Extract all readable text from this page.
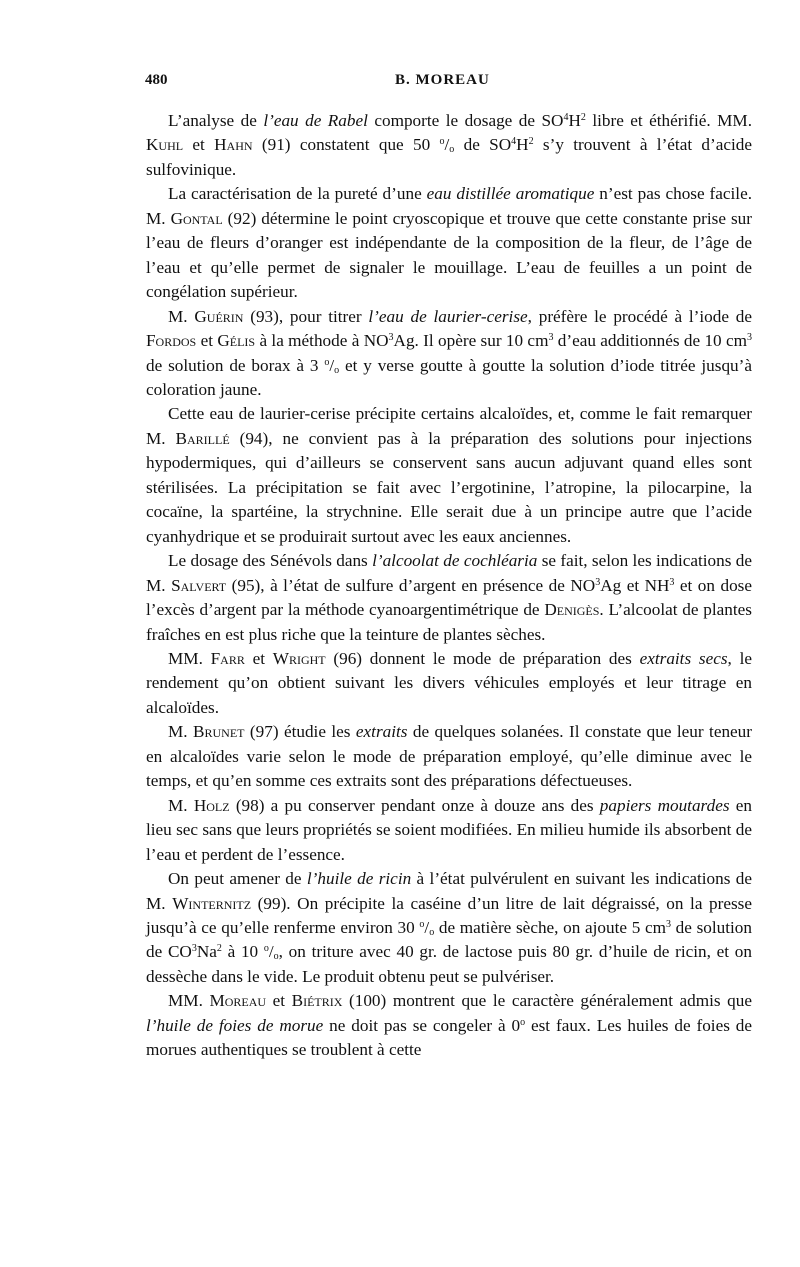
480	B. MOREAU

L’analyse de l’eau de Rabel comporte le dosage de $SO^4H^2$ libre et éthérifié. MM. Kuhl et Hahn (91) constatent que 50 $^o/_o$ de $SO^4H^2$ s’y trouvent à l’état d’acide sulfovinique.

La caractérisation de la pureté d’une eau distillée aromatique n’est pas chose facile. M. Gontal (92) détermine le point cryoscopique et trouve que cette constante prise sur l’eau de fleurs d’oranger est indépendante de la composition de la fleur, de l’âge de l’eau et qu’elle permet de signaler le mouillage. L’eau de feuilles a un point de congélation supérieur.

M. Guérin (93), pour titrer l’eau de laurier-cerise, préfère le procédé à l’iode de Fordos et Gélis à la méthode à $NO^3Ag$. Il opère sur 10 $cm^3$ d’eau additionnés de 10 $cm^3$ de solution de borax à 3 $^o/_o$ et y verse goutte à goutte la solution d’iode titrée jusqu’à coloration jaune.

Cette eau de laurier-cerise précipite certains alcaloïdes, et, comme le fait remarquer M. Barillé (94), ne convient pas à la préparation des solutions pour injections hypodermiques, qui d’ailleurs se conservent sans aucun adjuvant quand elles sont stérilisées. La précipitation se fait avec l’ergotinine, l’atropine, la pilocarpine, la cocaïne, la spartéine, la strychnine. Elle serait due à un principe autre que l’acide cyanhydrique et se produirait surtout avec les eaux anciennes.

Le dosage des Sénévols dans l’alcoolat de cochléaria se fait, selon les indications de M. Salvert (95), à l’état de sulfure d’argent en présence de $NO^3Ag$ et $NH^3$ et on dose l’excès d’argent par la méthode cyanoargentimétrique de Denigès. L’alcoolat de plantes fraîches en est plus riche que la teinture de plantes sèches.

MM. Farr et Wright (96) donnent le mode de préparation des extraits secs, le rendement qu’on obtient suivant les divers véhicules employés et leur titrage en alcaloïdes.

M. Brunet (97) étudie les extraits de quelques solanées. Il constate que leur teneur en alcaloïdes varie selon le mode de préparation employé, qu’elle diminue avec le temps, et qu’en somme ces extraits sont des préparations défectueuses.

M. Holz (98) a pu conserver pendant onze à douze ans des papiers moutardes en lieu sec sans que leurs propriétés se soient modifiées. En milieu humide ils absorbent de l’eau et perdent de l’essence.

On peut amener de l’huile de ricin à l’état pulvérulent en suivant les indications de M. Winternitz (99). On précipite la caséine d’un litre de lait dégraissé, on la presse jusqu’à ce qu’elle renferme environ 30 $^o/_o$ de matière sèche, on ajoute 5 $cm^3$ de solution de $CO^3Na^2$ à 10 $^o/_o$, on triture avec 40 gr. de lactose puis 80 gr. d’huile de ricin, et on dessèche dans le vide. Le produit obtenu peut se pulvériser.

MM. Moreau et Biétrix (100) montrent que le caractère généralement admis que l’huile de foies de morue ne doit pas se congeler à 0$^o$ est faux. Les huiles de foies de morues authentiques se troublent à cette
